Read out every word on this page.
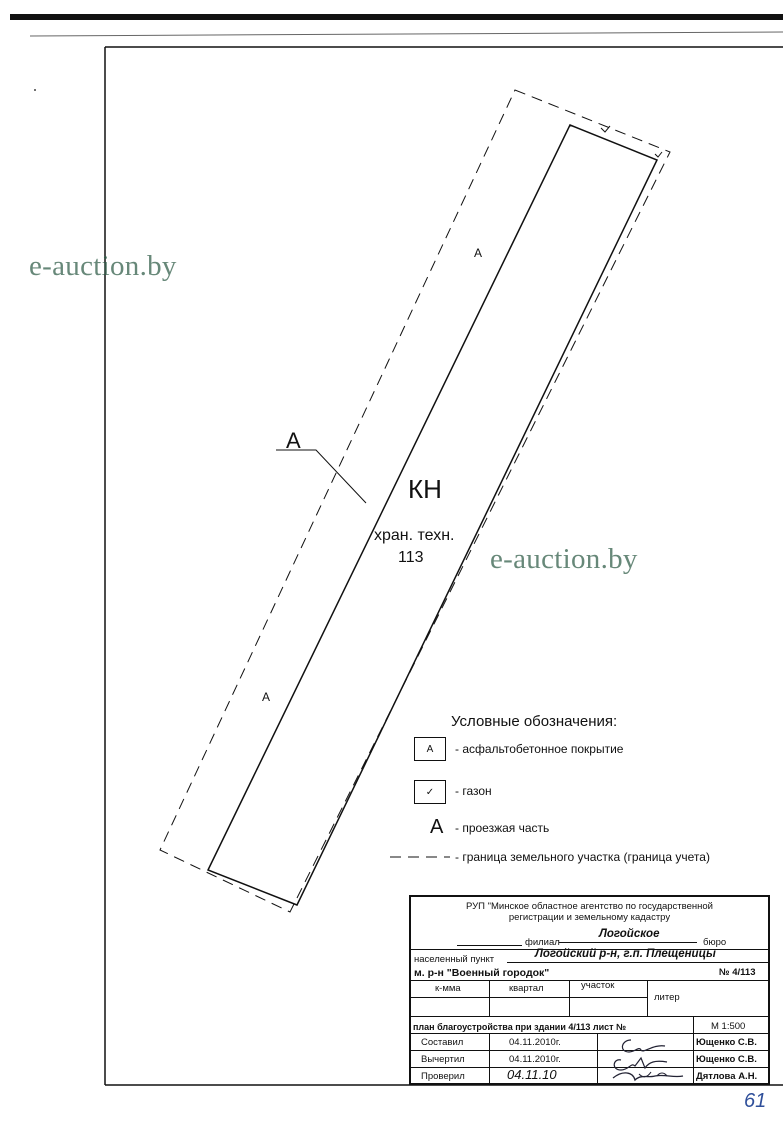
А
А
А
КН
хран. техн.
113
e-auction.by
e-auction.by
Условные обозначения:
А	- асфальтобетонное покрытие
✓	- газон
А - проезжая часть
- граница земельного участка (граница учета)
РУП "Минское областное агентство по государственной
регистрации и земельному кадастру
филиал
Логойское
бюро
населенный пункт	Логойский р-н, г.п. Плещеницы
м. р-н "Военный городок"	№ 4/113
к-мма	квартал	участок
литер
план благоустройства при здании 4/113 лист №	М 1:500
Составил	04.11.2010г.	Ющенко С.В.
Вычертил	04.11.2010г.	Ющенко С.В.
Проверил	04.11.10	Дятлова А.Н.
61
